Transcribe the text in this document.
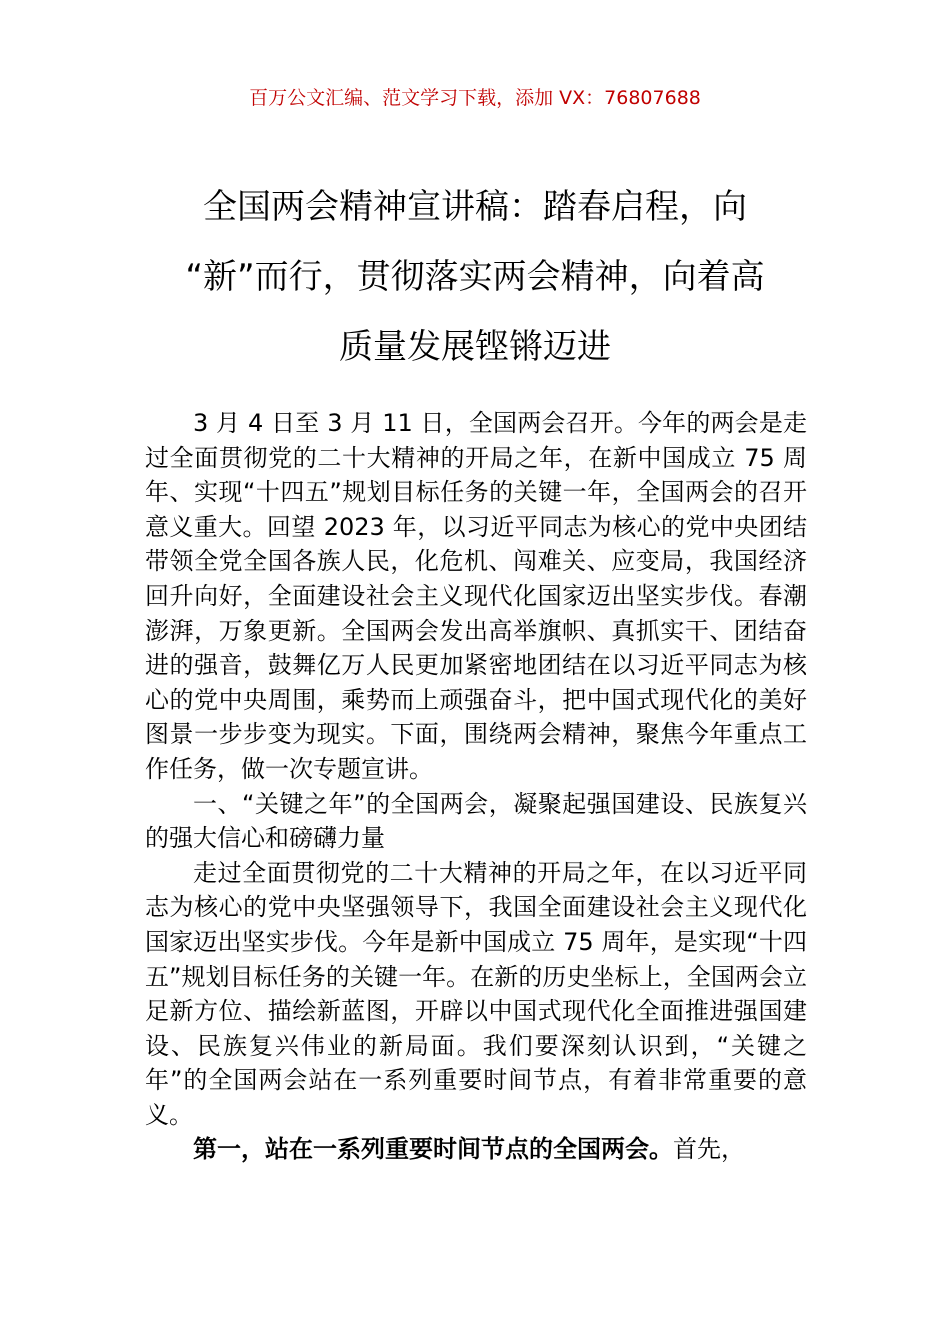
百万公文汇编、范文学习下载，添加 VX：76807688
全国两会精神宣讲稿：踏春启程，向
“新”而行，贯彻落实两会精神，向着高
质量发展铿锵迈进

3 月 4 日至 3 月 11 日，全国两会召开。今年的两会是走过全面贯彻党的二十大精神的开局之年，在新中国成立 75 周年、实现“十四五”规划目标任务的关键一年，全国两会的召开意义重大。回望 2023 年，以习近平同志为核心的党中央团结带领全党全国各族人民，化危机、闯难关、应变局，我国经济回升向好，全面建设社会主义现代化国家迈出坚实步伐。春潮澎湃，万象更新。全国两会发出高举旗帜、真抓实干、团结奋进的强音，鼓舞亿万人民更加紧密地团结在以习近平同志为核心的党中央周围，乘势而上顽强奋斗，把中国式现代化的美好图景一步步变为现实。下面，围绕两会精神，聚焦今年重点工作任务，做一次专题宣讲。

一、“关键之年”的全国两会，凝聚起强国建设、民族复兴的强大信心和磅礴力量

走过全面贯彻党的二十大精神的开局之年，在以习近平同志为核心的党中央坚强领导下，我国全面建设社会主义现代化国家迈出坚实步伐。今年是新中国成立 75 周年，是实现“十四五”规划目标任务的关键一年。在新的历史坐标上，全国两会立足新方位、描绘新蓝图，开辟以中国式现代化全面推进强国建设、民族复兴伟业的新局面。我们要深刻认识到，“关键之年”的全国两会站在一系列重要时间节点，有着非常重要的意义。

第一，站在一系列重要时间节点的全国两会。首先，
